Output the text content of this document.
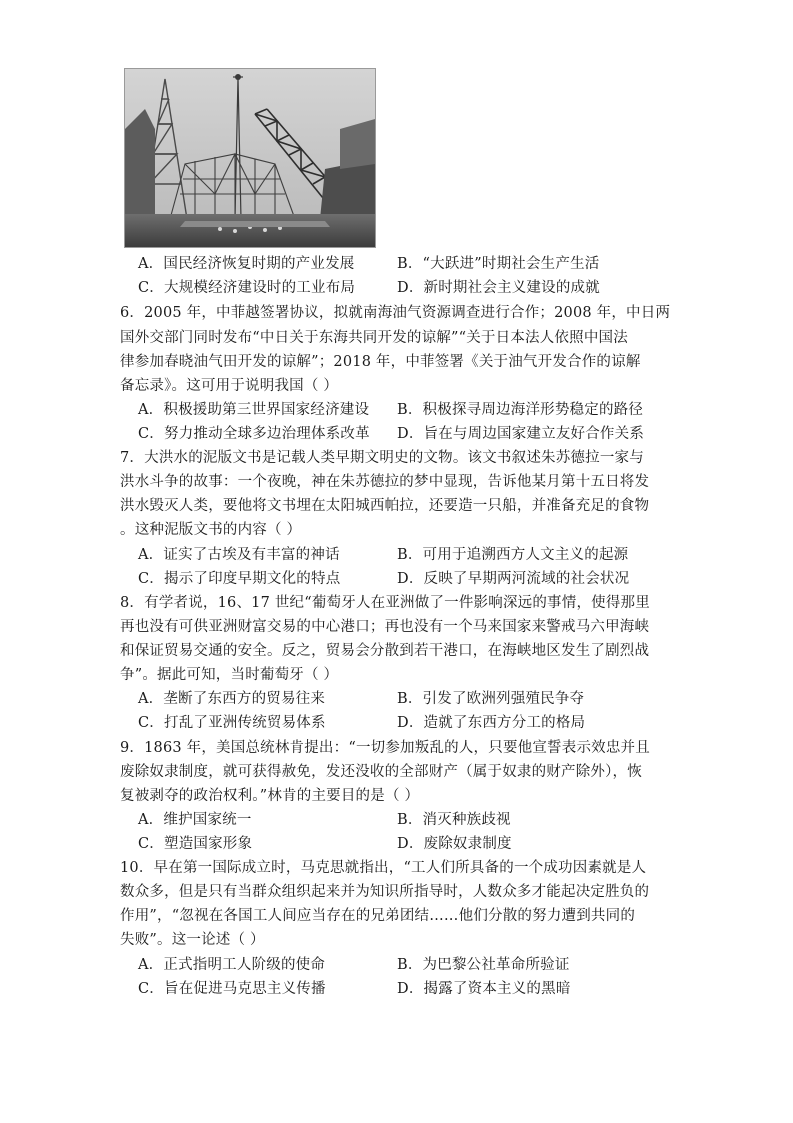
A．国民经济恢复时期的产业发展	B．“大跃进”时期社会生产生活
C．大规模经济建设时的工业布局	D．新时期社会主义建设的成就
6．2005 年，中菲越签署协议，拟就南海油气资源调查进行合作；2008 年，中日两
国外交部门同时发布“中日关于东海共同开发的谅解”“关于日本法人依照中国法
律参加春晓油气田开发的谅解”；2018 年，中菲签署《关于油气开发合作的谅解
备忘录》。这可用于说明我国（ ）
A．积极援助第三世界国家经济建设 B．积极探寻周边海洋形势稳定的路径
C．努力推动全球多边治理体系改革 D．旨在与周边国家建立友好合作关系
7．大洪水的泥版文书是记载人类早期文明史的文物。该文书叙述朱苏德拉一家与
洪水斗争的故事：一个夜晚，神在朱苏德拉的梦中显现，告诉他某月第十五日将发
洪水毁灭人类，要他将文书埋在太阳城西帕拉，还要造一只船，并准备充足的食物
。这种泥版文书的内容（ ）
A．证实了古埃及有丰富的神话	B．可用于追溯西方人文主义的起源
C．揭示了印度早期文化的特点	D．反映了早期两河流域的社会状况
8．有学者说，16、17 世纪“葡萄牙人在亚洲做了一件影响深远的事情，使得那里
再也没有可供亚洲财富交易的中心港口；再也没有一个马来国家来警戒马六甲海峡
和保证贸易交通的安全。反之，贸易会分散到若干港口，在海峡地区发生了剧烈战
争”。据此可知，当时葡萄牙（ ）
A．垄断了东西方的贸易往来	B．引发了欧洲列强殖民争夺
C．打乱了亚洲传统贸易体系	D．造就了东西方分工的格局
9．1863 年，美国总统林肯提出：“一切参加叛乱的人，只要他宣誓表示效忠并且
废除奴隶制度，就可获得赦免，发还没收的全部财产（属于奴隶的财产除外），恢
复被剥夺的政治权利。”林肯的主要目的是（ ）
A．维护国家统一	B．消灭种族歧视
C．塑造国家形象	D．废除奴隶制度
10．早在第一国际成立时，马克思就指出，“工人们所具备的一个成功因素就是人
数众多，但是只有当群众组织起来并为知识所指导时，人数众多才能起决定胜负的
作用”，“忽视在各国工人间应当存在的兄弟团结……他们分散的努力遭到共同的
失败”。这一论述（ ）
A．正式指明工人阶级的使命	B．为巴黎公社革命所验证
C．旨在促进马克思主义传播	D．揭露了资本主义的黑暗
